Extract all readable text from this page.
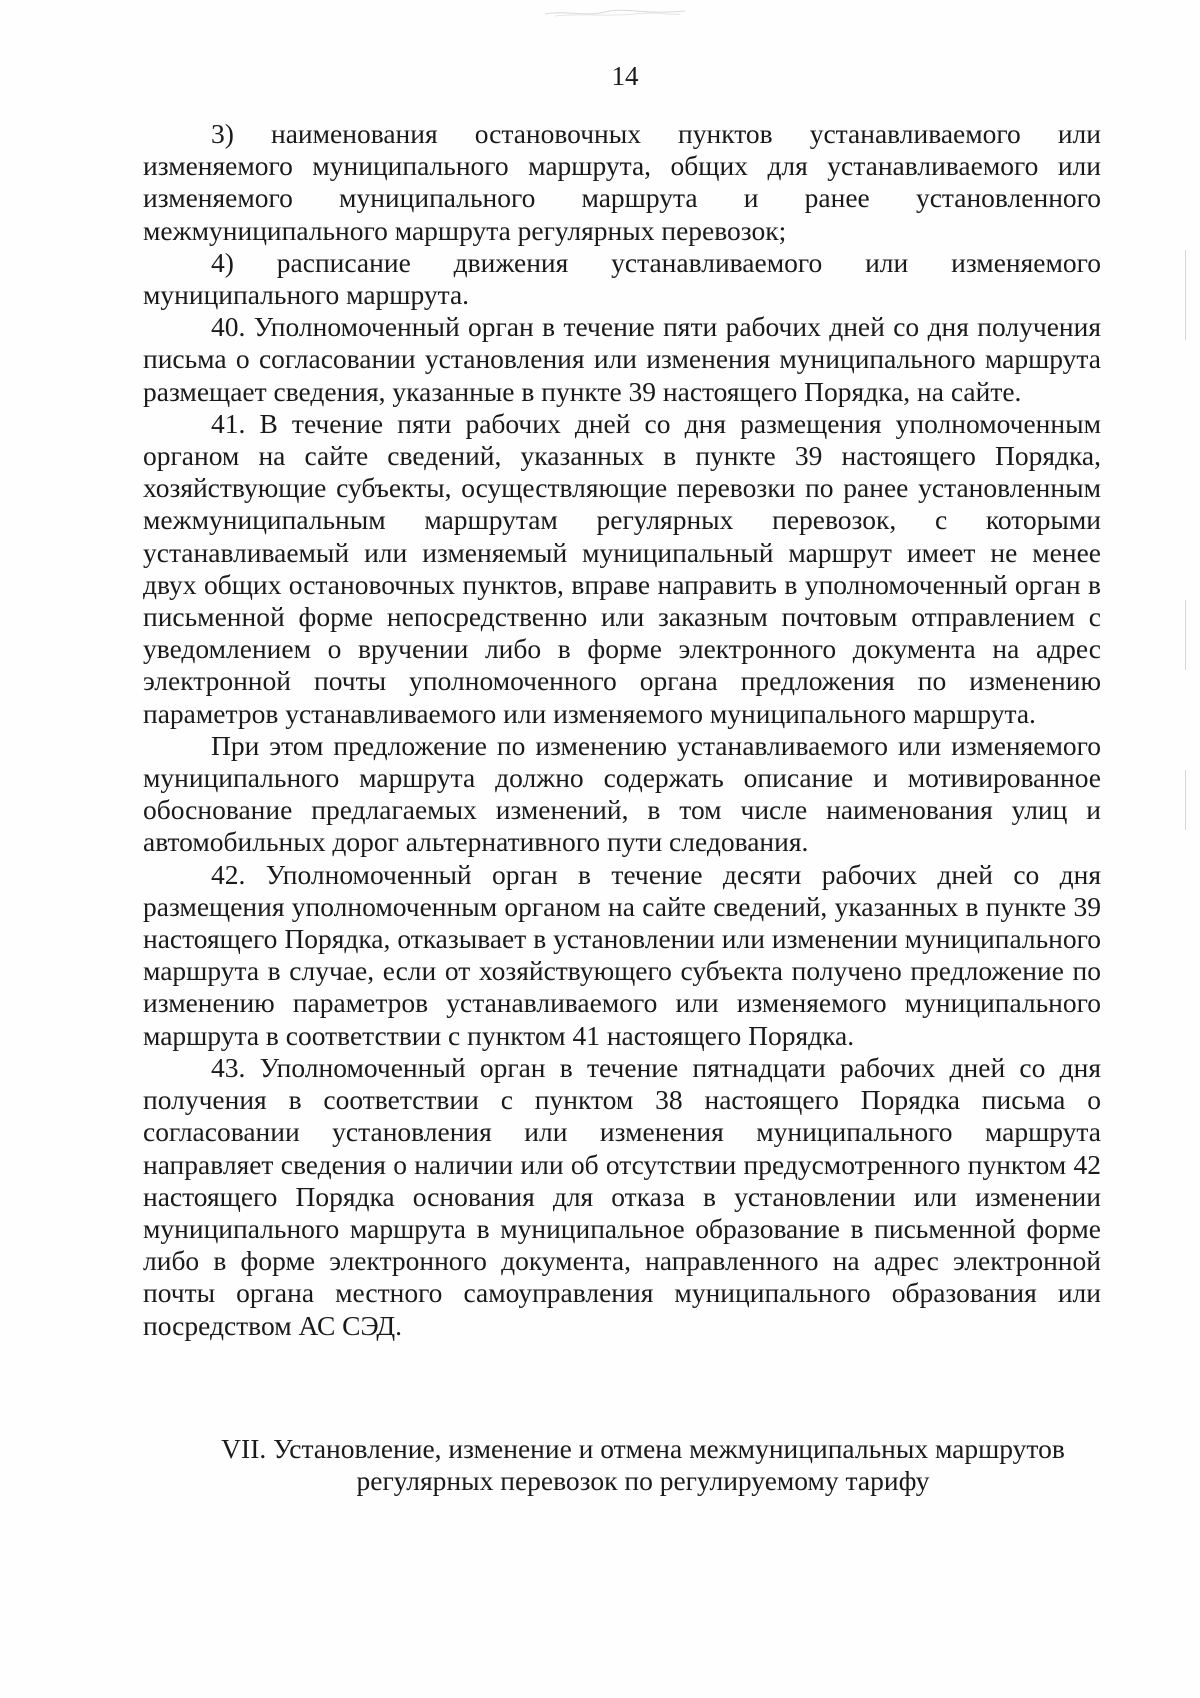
14

3) наименования остановочных пунктов устанавливаемого или изменяемого муниципального маршрута, общих для устанавливаемого или изменяемого муниципального маршрута и ранее установленного межмуниципального маршрута регулярных перевозок;

4) расписание движения устанавливаемого или изменяемого муниципального маршрута.

40. Уполномоченный орган в течение пяти рабочих дней со дня получения письма о согласовании установления или изменения муниципального маршрута размещает сведения, указанные в пункте 39 настоящего Порядка, на сайте.

41. В течение пяти рабочих дней со дня размещения уполномоченным органом на сайте сведений, указанных в пункте 39 настоящего Порядка, хозяйствующие субъекты, осуществляющие перевозки по ранее установленным межмуниципальным маршрутам регулярных перевозок, с которыми устанавливаемый или изменяемый муниципальный маршрут имеет не менее двух общих остановочных пунктов, вправе направить в уполномоченный орган в письменной форме непосредственно или заказным почтовым отправлением с уведомлением о вручении либо в форме электронного документа на адрес электронной почты уполномоченного органа предложения по изменению параметров устанавливаемого или изменяемого муниципального маршрута.

При этом предложение по изменению устанавливаемого или изменяемого муниципального маршрута должно содержать описание и мотивированное обоснование предлагаемых изменений, в том числе наименования улиц и автомобильных дорог альтернативного пути следования.

42. Уполномоченный орган в течение десяти рабочих дней со дня размещения уполномоченным органом на сайте сведений, указанных в пункте 39 настоящего Порядка, отказывает в установлении или изменении муниципального маршрута в случае, если от хозяйствующего субъекта получено предложение по изменению параметров устанавливаемого или изменяемого муниципального маршрута в соответствии с пунктом 41 настоящего Порядка.

43. Уполномоченный орган в течение пятнадцати рабочих дней со дня получения в соответствии с пунктом 38 настоящего Порядка письма о согласовании установления или изменения муниципального маршрута направляет сведения о наличии или об отсутствии предусмотренного пунктом 42 настоящего Порядка основания для отказа в установлении или изменении муниципального маршрута в муниципальное образование в письменной форме либо в форме электронного документа, направленного на адрес электронной почты органа местного самоуправления муниципального образования или посредством АС СЭД.

VII. Установление, изменение и отмена межмуниципальных маршрутов
регулярных перевозок по регулируемому тарифу
